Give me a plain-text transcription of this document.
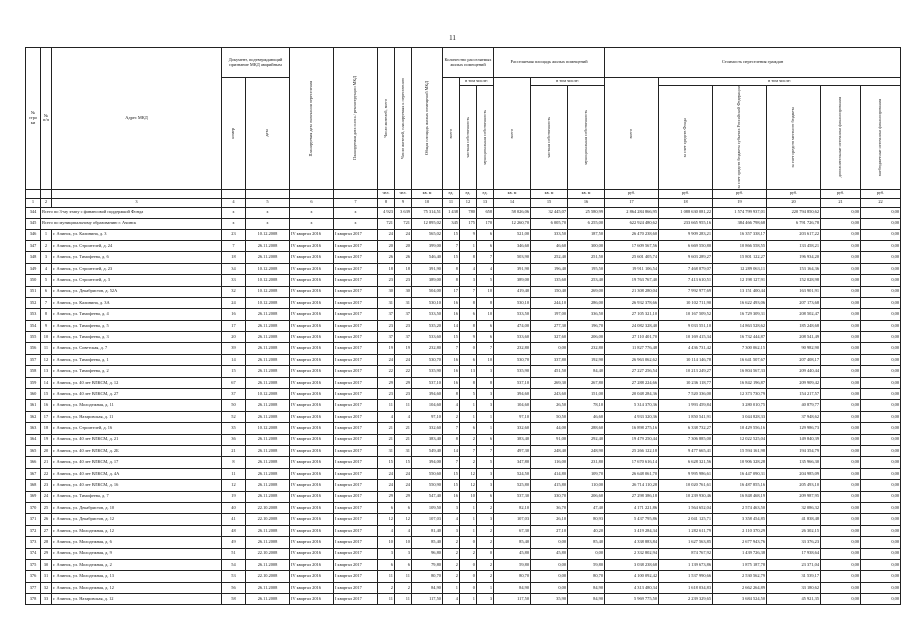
11
№ стро ки	№ п/п	Адрес МКД	Документ, подтверждающий признание МКД аварийным		Планируемая дата окончания переселения	Планируемая дата сноса / реконструкции МКД	Число жителей, всего	Число жителей, планируемых к переселению	Общая площадь жилых помещений МКД	Количество расселяемых жилых помещений			Расселяемая площадь жилых помещений			Стоимость переселения граждан					

			номер	дата						всего	в том числе:		всего	в том числе:		всего	в том числе:				

											частная собственность	муниципальная собственность		частная собственность	муниципальная собственность		за счет средств Фонда	за счет средств бюджета субъекта Российской Федерации	за счет средств местного бюджета	дополнительные источники финансирования	внебюджетные источники финансирования

							чел.	чел.	кв. м	ед.	ед.	ед.	кв. м	кв. м	кв. м	руб.	руб.	руб.	руб.	руб.	руб.
1	2	3	4	5	6	7	8	9	10	11	12	13	14	15	16	17	18	19	20	21	22
344	Всего по 3-му этапу с финансовой поддержкой Фонда		x	x	x	x	4 923	3 639	75 314,51	1 438	780	658	58 026,06	32 445,07	25 580,99	2 864 284 866,95	1 088 630 081,22	1 574 799 937,01	220 794 850,62	0,00	0,00
345	Всего по муниципальному образованию г. Ачинск		x	x	x	x	721	721	12 895,02	345	175	170	12 260,70	6 005,70	6 255,00	622 924 480,62	233 665 955,16	384 466 798,68	6 791 726,78	0,00	0,00
346	1	г. Ачинск, ул. Калинина, д. 3	23	10.12.2008	IV квартал 2016	I квартал 2017	24	24	565,02	15	9	6	521,00	333,50	187,50	26 470 238,60	9 909 283,21	16 357 338,17	203 617,22	0,00	0,00
347	2	г. Ачинск, ул. Строителей, д. 24	7	26.11.2008	IV квартал 2016	I квартал 2017	20	20	399,00	7	1	6	346,60	46,60	300,00	17 609 567,56	6 669 550,80	10 866 558,55	133 458,21	0,00	0,00
348	3	г. Ачинск, ул. Тимофеева, д. 6	18	26.11.2008	IV квартал 2016	I квартал 2017	26	26	546,40	15	8	7	503,90	252,40	251,50	25 601 405,74	9 603 289,27	15 801 122,27	196 934,20	0,00	0,00
349	4	г. Ачинск, ул. Строителей, д. 23	34	10.12.2008	IV квартал 2016	I квартал 2017	18	18	391,90	8	4	4	391,90	196,40	195,50	19 911 106,54	7 468 879,07	12 289 063,11	153 164,36	0,00	0,00
350	5	г. Ачинск, ул. Строителей, д. 3	33	10.12.2008	IV квартал 2016	I квартал 2017	23	23	389,00	8	3	5	389,00	135,60	253,40	19 763 767,40	7 413 610,51	12 198 127,91	152 028,98	0,00	0,00
351	6	г. Ачинск, ул. Декабристов, д. 52А	32	10.12.2008	IV квартал 2016	I квартал 2017	30	30	504,00	17	7	10	419,40	150,40	269,00	21 308 280,04	7 992 977,69	13 151 400,44	163 901,91	0,00	0,00
352	7	г. Ачинск, ул. Калинина, д. 3А	24	10.12.2008	IV квартал 2016	I квартал 2017	31	31	530,10	16	8	8	530,10	244,10	286,00	26 932 378,66	10 102 711,90	16 622 493,06	207 173,68	0,00	0,00
353	8	г. Ачинск, ул. Тимофеева, д. 4	16	26.11.2008	IV квартал 2016	I квартал 2017	37	37	533,50	16	6	10	533,50	197,00	336,50	27 105 321,10	10 167 509,52	16 729 309,31	208 502,47	0,00	0,00
354	9	г. Ачинск, ул. Тимофеева, д. 5	17	26.11.2008	IV квартал 2016	I квартал 2017	23	23	535,20	14	8	6	474,00	277,30	196,70	24 082 328,40	9 033 551,10	14 863 528,62	185 248,68	0,00	0,00
355	10	г. Ачинск, ул. Тимофеева, д. 3	20	26.11.2008	IV квартал 2016	I квартал 2017	37	37	533,60	15	9	6	533,60	327,60	206,00	27 110 401,70	10 169 415,34	16 732 444,87	208 541,49	0,00	0,00
356	11	г. Ачинск, ул. Советская, д. 7	39	26.11.2008	IV квартал 2016	I квартал 2017	19	19	232,80	7	0	7	232,80	0,00	232,80	11 827 776,48	4 436 731,42	7 300 062,15	90 982,90	0,00	0,00
357	12	г. Ачинск, ул. Тимофеева, д. 1	14	26.11.2008	IV квартал 2016	I квартал 2017	24	24	530,70	16	6	10	530,70	337,80	192,90	26 963 062,62	10 114 146,78	16 641 507,67	207 408,17	0,00	0,00
358	13	г. Ачинск, ул. Тимофеева, д. 2	15	26.11.2008	IV квартал 2016	I квартал 2017	22	22	535,90	16	13	3	535,90	451,50	84,40	27 227 256,54	10 213 249,27	16 804 567,33	209 440,44	0,00	0,00
359	14	г. Ачинск, ул. 40 лет ВЛКСМ, д. 12	67	26.11.2008	IV квартал 2016	I квартал 2017	29	29	537,10	16	8	8	537,10	269,30	267,80	27 288 224,66	10 236 118,77	16 842 196,87	209 909,42	0,00	0,00
360	15	г. Ачинск, ул. 40 лет ВЛКСМ, д. 27	37	10.12.2008	IV квартал 2016	I квартал 2017	23	23	394,60	8	5	3	394,60	243,60	151,00	20 048 284,36	7 520 336,00	12 373 730,79	154 217,57	0,00	0,00
361	16	г. Ачинск, ул. Молодежная, д. 11	50	26.11.2008	IV квартал 2016	I квартал 2017	11	11	104,60	4	1	3	104,60	26,50	78,10	5 314 370,36	1 993 459,84	3 280 010,75	40 879,77	0,00	0,00
362	17	г. Ачинск, ул. Назаровская, д. 11	52	26.11.2008	IV квартал 2016	I квартал 2017	4	4	97,10	2	1	1	97,10	50,50	46,60	4 933 320,36	1 850 541,91	3 044 828,33	37 948,62	0,00	0,00
363	18	г. Ачинск, ул. Строителей, д. 16	35	10.12.2008	IV квартал 2016	I квартал 2017	21	21	332,60	7	6	1	332,60	44,00	288,60	16 898 275,16	6 338 732,27	10 429 556,16	129 986,73	0,00	0,00
364	19	г. Ачинск, ул. 40 лет ВЛКСМ, д. 21	36	26.11.2008	IV квартал 2016	I квартал 2017	21	21	383,40	8	2	6	383,40	91,00	292,40	19 479 250,44	7 306 885,00	12 022 525,04	149 840,39	0,00	0,00
365	20	г. Ачинск, ул. 40 лет ВЛКСМ, д. 2Б	21	26.11.2008	IV квартал 2016	I квартал 2017	31	31	549,40	14	7	7	497,30	248,40	248,90	25 266 122,18	9 477 665,41	15 594 161,98	194 354,79	0,00	0,00
366	21	г. Ачинск, ул. 40 лет ВЛКСМ, д. 17	8	26.11.2008	IV квартал 2016	I квартал 2017	15	15	394,00	7	2	5	347,80	116,00	231,80	17 670 616,14	6 628 321,56	10 906 328,28	135 966,30	0,00	0,00
367	22	г. Ачинск, ул. 40 лет ВЛКСМ, д. 4А	11	26.11.2008	IV квартал 2016	I квартал 2017	24	24	550,60	15	12	3	524,50	414,80	109,70	26 648 061,70	9 995 986,61	16 447 090,31	204 985,09	0,00	0,00
368	23	г. Ачинск, ул. 40 лет ВЛКСМ, д. 16	12	26.11.2008	IV квартал 2016	I квартал 2017	24	24	550,90	15	12	3	525,80	415,80	110,00	26 714 110,28	10 020 761,61	16 487 855,16	205 493,10	0,00	0,00
369	24	г. Ачинск, ул. Тимофеева, д. 7	19	26.11.2008	IV квартал 2016	I квартал 2017	29	29	547,40	16	10	6	537,30	330,70	206,60	27 298 386,18	10 239 930,46	16 848 468,19	209 987,95	0,00	0,00
370	25	г. Ачинск, ул. Декабристов, д. 10	40	22.10.2008	IV квартал 2016	I квартал 2017	6	6	109,50	3	1	2	82,10	36,70	47,40	4 171 221,86	1 564 652,04	2 574 463,50	32 086,32	0,00	0,00
371	26	г. Ачинск, ул. Декабристов, д. 12	41	22.10.2008	IV квартал 2016	I квартал 2017	12	12	107,03	4	1	3	107,03	26,10	80,93	5 437 795,86	2 041 125,71	3 358 454,85	41 838,48	0,00	0,00
372	27	г. Ачинск, ул. Молодежная, д. 12	48	26.11.2008	IV квартал 2016	I квартал 2017	4	4	81,40	3	1	2	67,30	27,10	40,20	3 419 284,34	1 282 611,79	2 110 370,29	26 302,15	0,00	0,00
373	28	г. Ачинск, ул. Молодежная, д. 6	49	26.11.2008	IV квартал 2016	I квартал 2017	10	10	85,40	2	0	2	85,40	0,00	85,40	4 338 883,84	1 627 563,85	2 677 943,76	33 376,23	0,00	0,00
374	29	г. Ачинск, ул. Молодежная, д. 9	51	22.10.2008	IV квартал 2016	I квартал 2017	3	3	96,80	2	2	0	45,80	45,80	0,00	2 332 802,94	874 767,92	1 439 726,38	17 938,64	0,00	0,00
375	30	г. Ачинск, ул. Молодежная, д. 2	54	26.11.2008	IV квартал 2016	I квартал 2017	6	6	79,80	2	0	2	59,80	0,00	59,80	3 038 238,68	1 139 673,86	1 875 187,78	23 371,04	0,00	0,00
376	31	г. Ачинск, ул. Молодежная, д. 13	53	22.10.2008	IV квартал 2016	I квартал 2017	11	11	80,70	2	0	2	80,70	0,00	80,70	4 100 092,42	1 537 990,66	2 530 562,79	31 539,17	0,00	0,00
377	32	г. Ачинск, ул. Молодежная, д. 12	56	26.11.2008	IV квартал 2016	I квартал 2017	2	2	84,90	1	0	1	84,90	0,00	84,90	4 313 480,34	1 618 034,83	2 662 264,89	33 180,62	0,00	0,00
378	33	г. Ачинск, ул. Назаровская, д. 12	58	26.11.2008	IV квартал 2016	I квартал 2017	11	11	117,50	4	1	3	117,50	35,90	84,90	5 969 775,50	2 239 329,65	3 684 524,50	45 921,35	0,00	0,00
